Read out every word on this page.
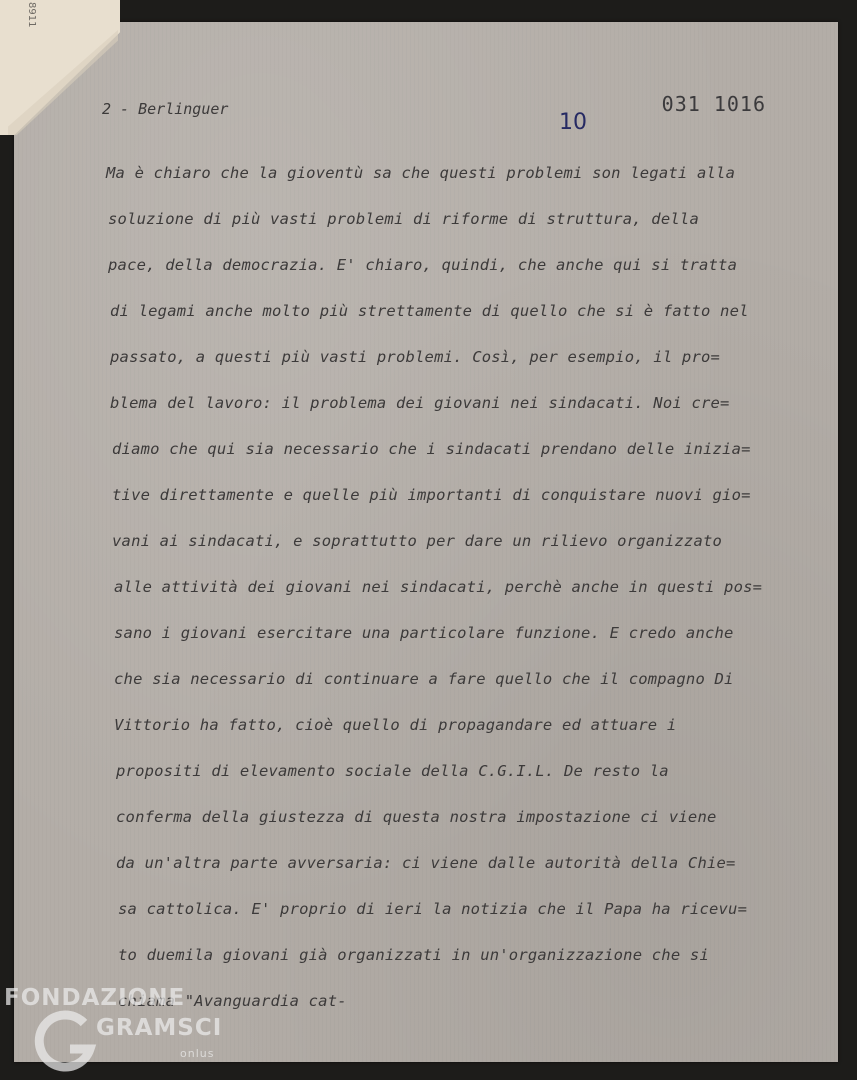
2 - Berlinguer
10
031 1016
Ma è chiaro che la gioventù sa che questi problemi son legati alla
soluzione di più vasti problemi di riforme di struttura, della
pace, della democrazia. E' chiaro, quindi, che anche qui si tratta
di legami anche molto più strettamente di quello che si è fatto nel
passato, a questi più vasti problemi. Così, per esempio, il pro=
blema del lavoro: il problema dei giovani nei sindacati. Noi cre=
diamo che qui sia necessario che i sindacati prendano delle inizia=
tive direttamente e quelle più importanti di conquistare nuovi gio=
vani ai sindacati, e soprattutto per dare un rilievo organizzato
alle attività dei giovani nei sindacati, perchè anche in questi pos=
sano i giovani esercitare una particolare funzione. E credo anche
che sia necessario di continuare a fare quello che il compagno Di
Vittorio ha fatto, cioè quello di propagandare ed attuare i
propositi di elevamento sociale della C.G.I.L. De resto la
conferma della giustezza di questa nostra impostazione ci viene
da un'altra parte avversaria: ci viene dalle autorità della Chie=
sa cattolica. E' proprio di ieri la notizia che il Papa ha ricevu=
to duemila giovani già organizzati in un'organizzazione che si
chiama "Avanguardia cat-
8911
FONDAZIONE
GRAMSCI
onlus
